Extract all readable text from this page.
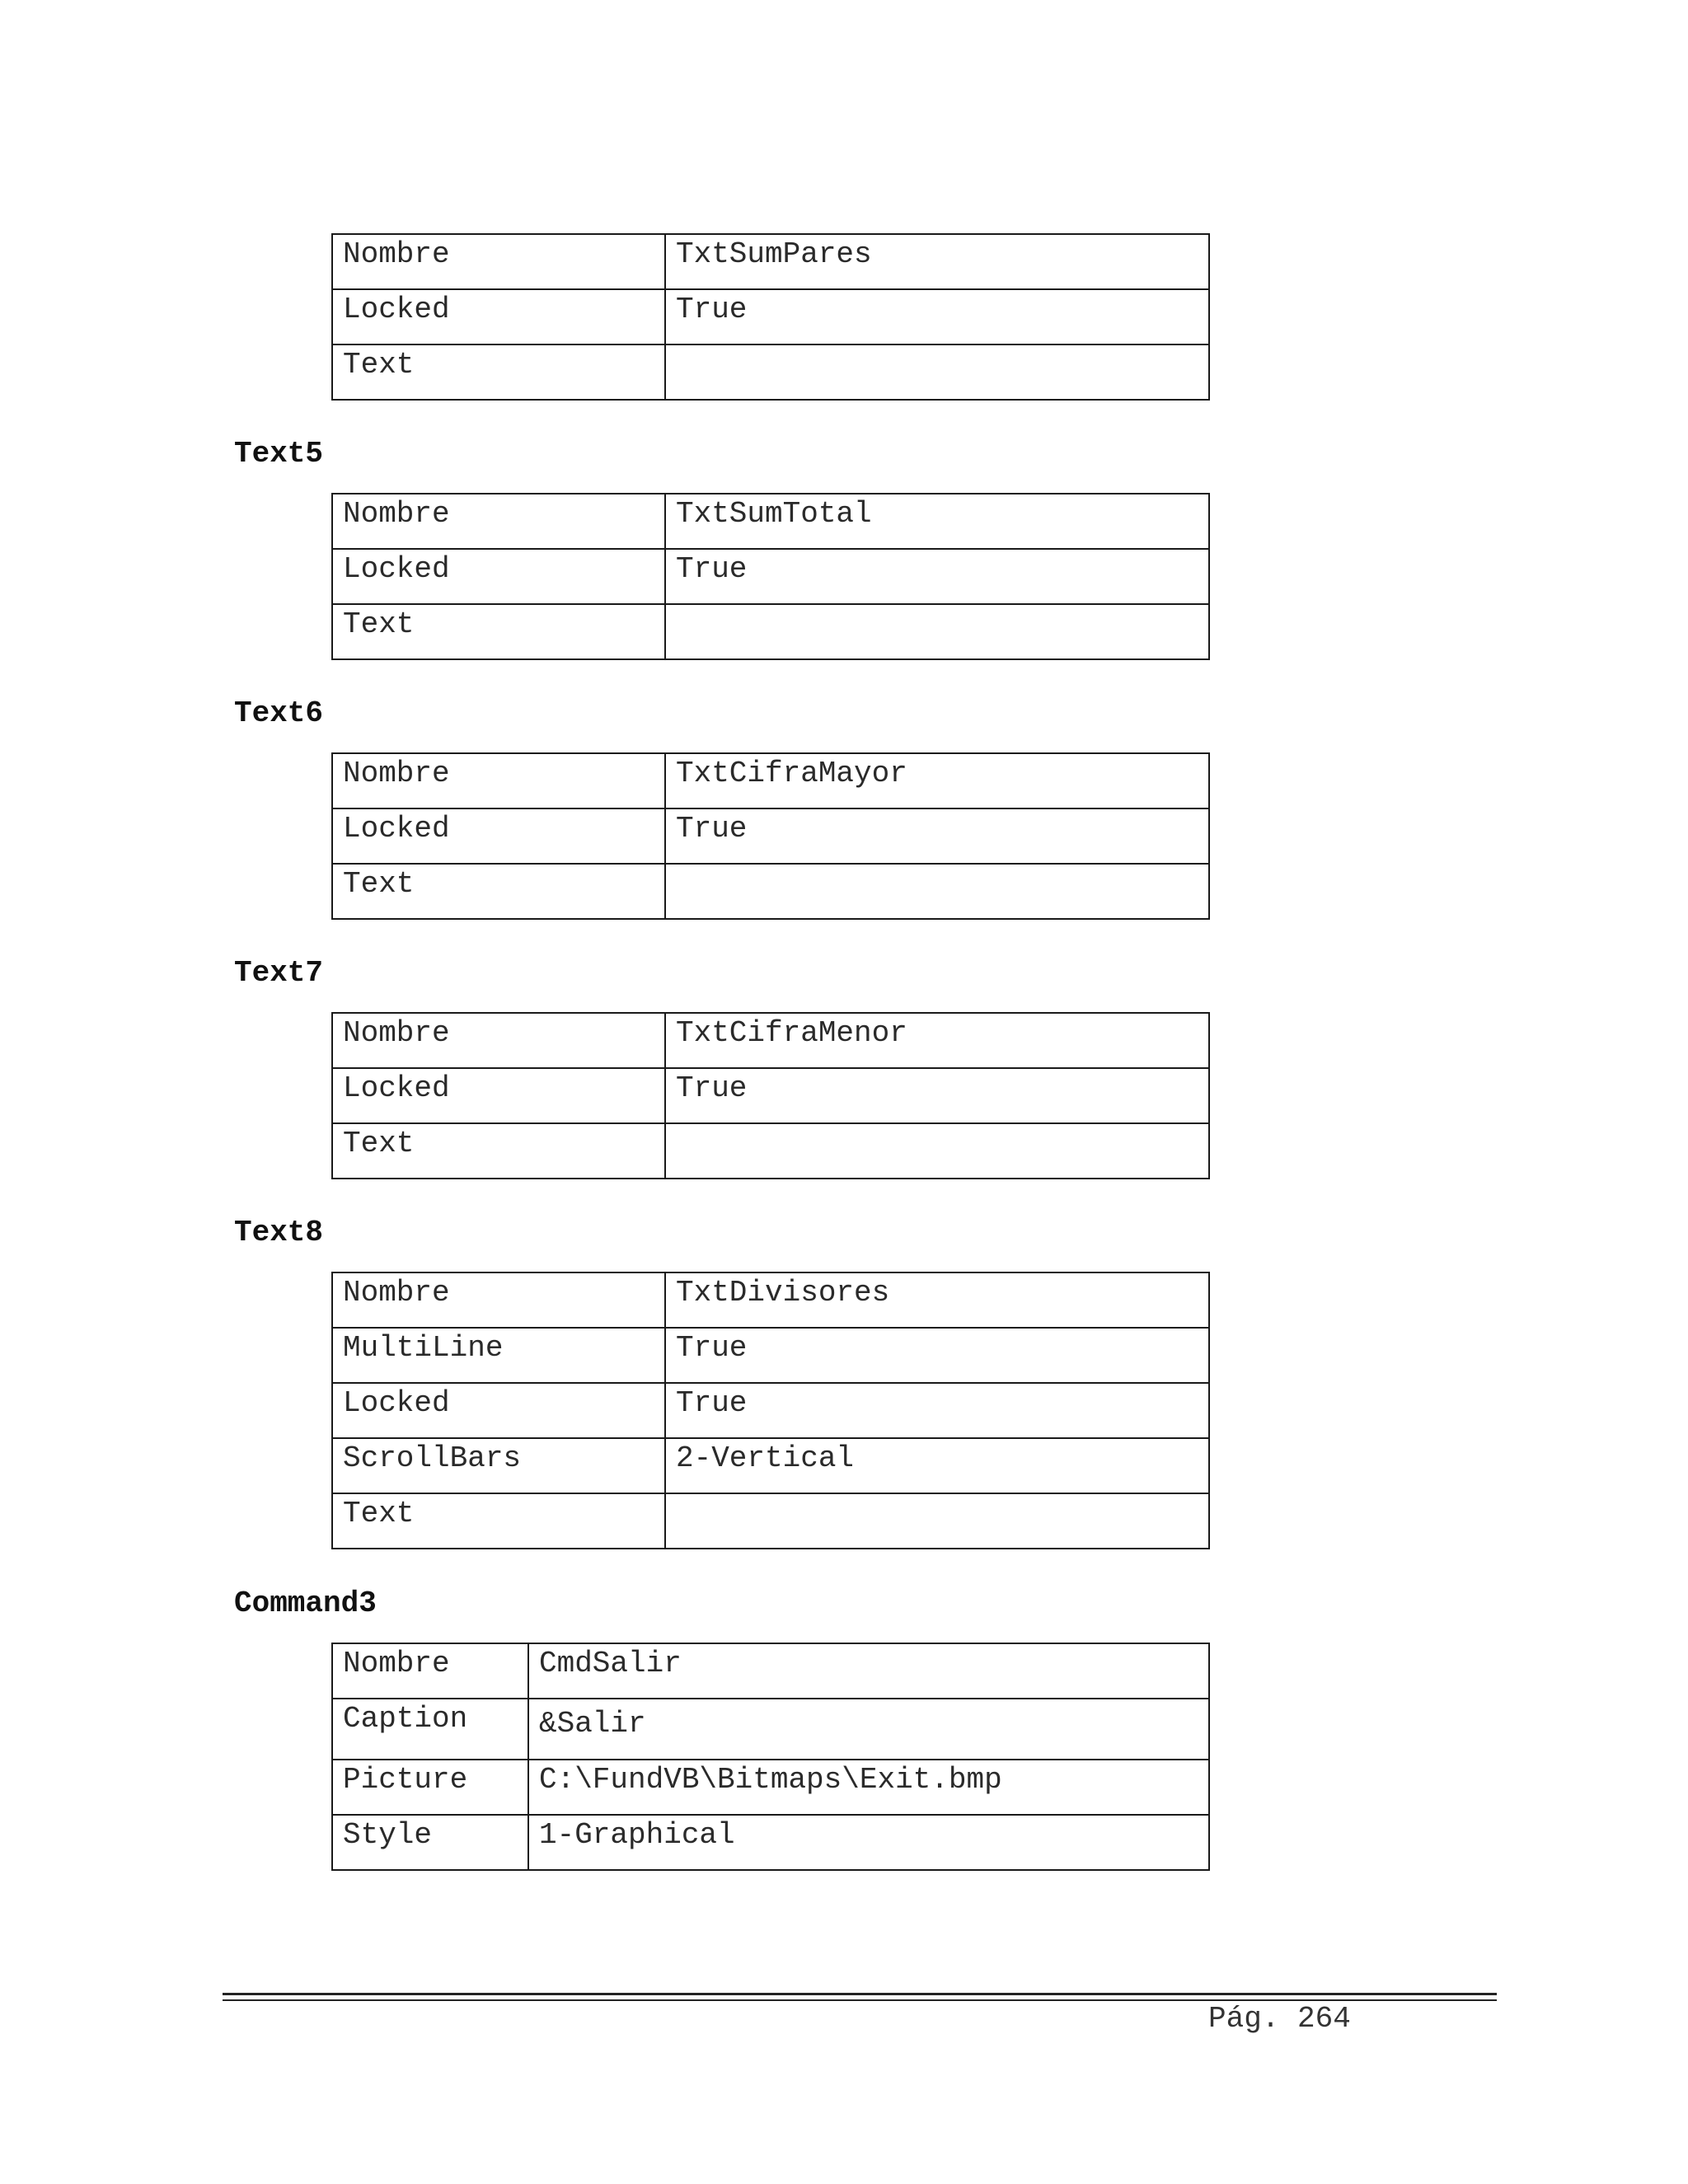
Nombre	TxtSumPares
Locked	True
Text	
Text5
Nombre	TxtSumTotal
Locked	True
Text	
Text6
Nombre	TxtCifraMayor
Locked	True
Text	
Text7
Nombre	TxtCifraMenor
Locked	True
Text	
Text8
Nombre	TxtDivisores
MultiLine	True
Locked	True
ScrollBars	2-Vertical
Text	
Command3
Nombre	CmdSalir
Caption	&Salir
Picture	C:\FundVB\Bitmaps\Exit.bmp
Style	1-Graphical
Pág. 264
